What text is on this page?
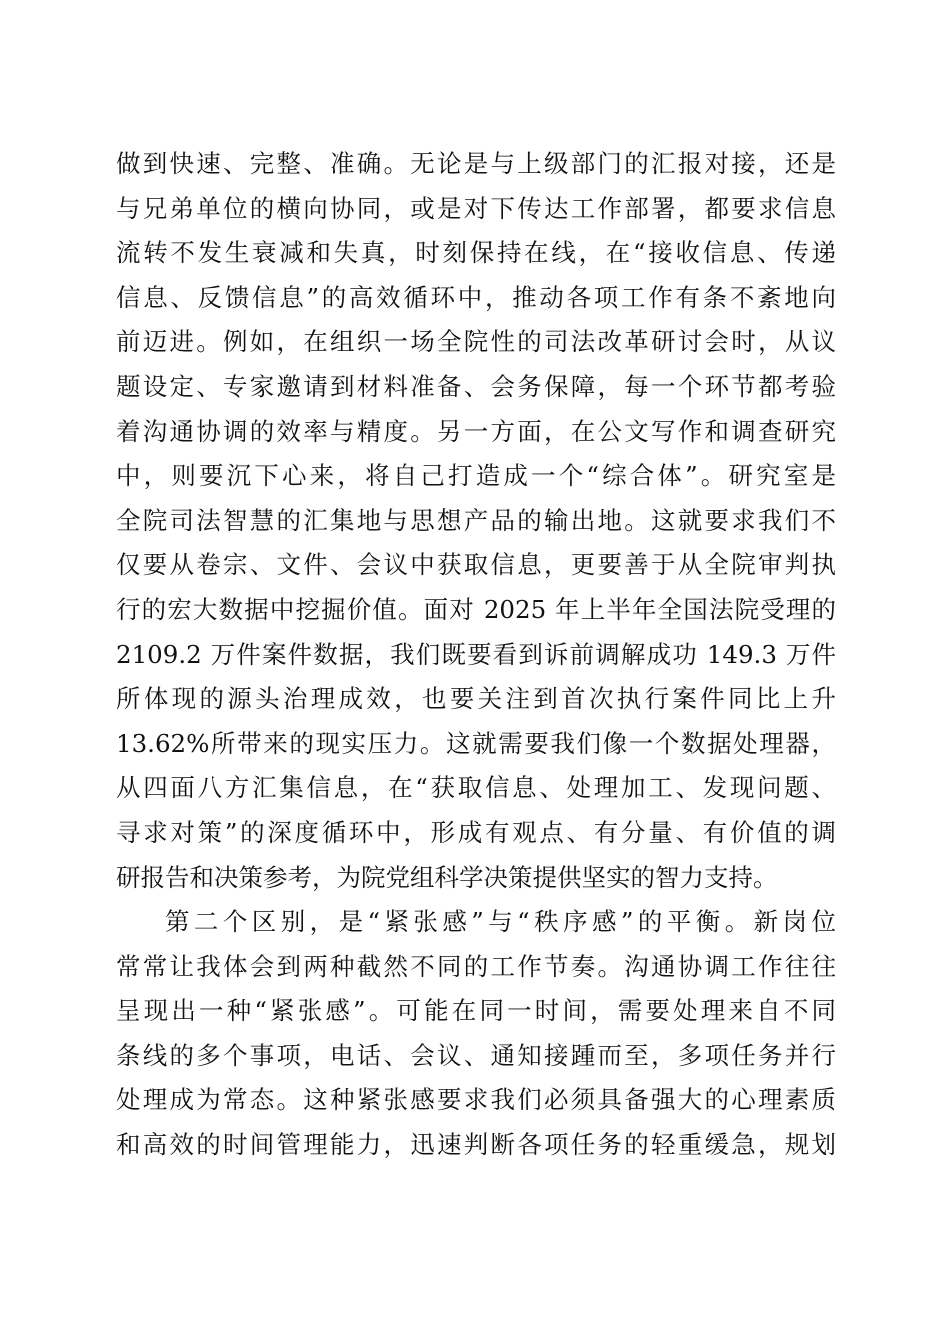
做到快速、完整、准确。无论是与上级部门的汇报对接，还是
与兄弟单位的横向协同，或是对下传达工作部署，都要求信息
流转不发生衰减和失真，时刻保持在线，在“接收信息、传递
信息、反馈信息”的高效循环中，推动各项工作有条不紊地向
前迈进。例如，在组织一场全院性的司法改革研讨会时，从议
题设定、专家邀请到材料准备、会务保障，每一个环节都考验
着沟通协调的效率与精度。另一方面，在公文写作和调查研究
中，则要沉下心来，将自己打造成一个“综合体”。研究室是
全院司法智慧的汇集地与思想产品的输出地。这就要求我们不
仅要从卷宗、文件、会议中获取信息，更要善于从全院审判执
行的宏大数据中挖掘价值。面对 2025 年上半年全国法院受理的
2109.2 万件案件数据，我们既要看到诉前调解成功 149.3 万件
所体现的源头治理成效，也要关注到首次执行案件同比上升
13.62%所带来的现实压力。这就需要我们像一个数据处理器，
从四面八方汇集信息，在“获取信息、处理加工、发现问题、
寻求对策”的深度循环中，形成有观点、有分量、有价值的调
研报告和决策参考，为院党组科学决策提供坚实的智力支持。
第二个区别，是“紧张感”与“秩序感”的平衡。新岗位
常常让我体会到两种截然不同的工作节奏。沟通协调工作往往
呈现出一种“紧张感”。可能在同一时间，需要处理来自不同
条线的多个事项，电话、会议、通知接踵而至，多项任务并行
处理成为常态。这种紧张感要求我们必须具备强大的心理素质
和高效的时间管理能力，迅速判断各项任务的轻重缓急，规划
